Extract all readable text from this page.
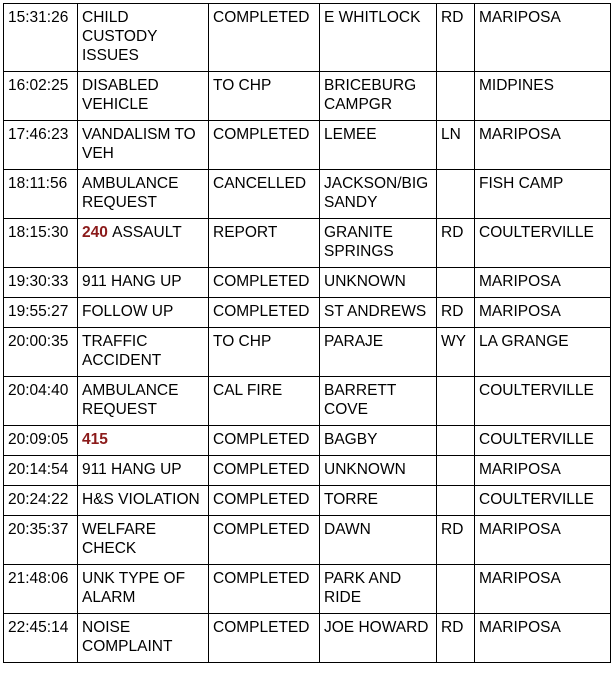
15:31:26	CHILD CUSTODY ISSUES	COMPLETED	E WHITLOCK	RD	MARIPOSA
16:02:25	DISABLED VEHICLE	TO CHP	BRICEBURG CAMPGR		MIDPINES
17:46:23	VANDALISM TO VEH	COMPLETED	LEMEE	LN	MARIPOSA
18:11:56	AMBULANCE REQUEST	CANCELLED	JACKSON/BIG SANDY		FISH CAMP
18:15:30	240 ASSAULT	REPORT	GRANITE SPRINGS	RD	COULTERVILLE
19:30:33	911 HANG UP	COMPLETED	UNKNOWN		MARIPOSA
19:55:27	FOLLOW UP	COMPLETED	ST ANDREWS	RD	MARIPOSA
20:00:35	TRAFFIC ACCIDENT	TO CHP	PARAJE	WY	LA GRANGE
20:04:40	AMBULANCE REQUEST	CAL FIRE	BARRETT COVE		COULTERVILLE
20:09:05	415	COMPLETED	BAGBY		COULTERVILLE
20:14:54	911 HANG UP	COMPLETED	UNKNOWN		MARIPOSA
20:24:22	H&S VIOLATION	COMPLETED	TORRE		COULTERVILLE
20:35:37	WELFARE CHECK	COMPLETED	DAWN	RD	MARIPOSA
21:48:06	UNK TYPE OF ALARM	COMPLETED	PARK AND RIDE		MARIPOSA
22:45:14	NOISE COMPLAINT	COMPLETED	JOE HOWARD	RD	MARIPOSA
